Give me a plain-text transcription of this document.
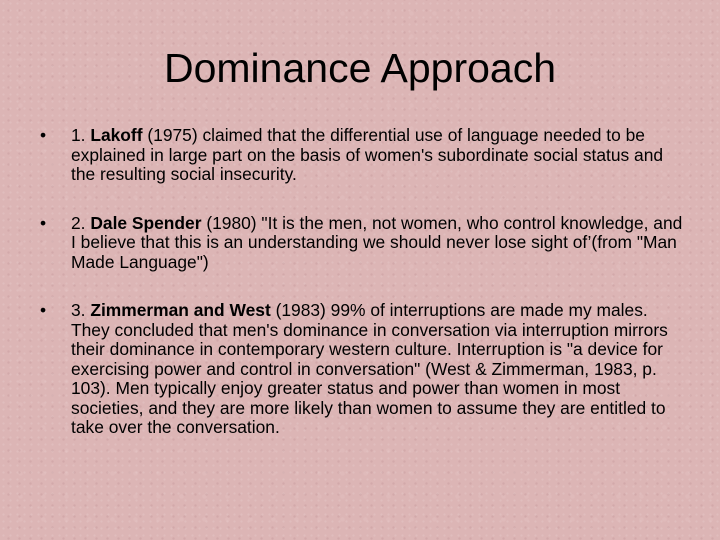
Dominance Approach
• 1. Lakoff (1975) claimed that the differential use of language needed to be explained in large part on the basis of women's subordinate social status and the resulting social insecurity.
• 2. Dale Spender (1980) "It is the men, not women, who control knowledge, and I believe that this is an understanding we should never lose sight of’(from "Man Made Language")
• 3. Zimmerman and West (1983) 99% of interruptions are made my males. They concluded that men's dominance in conversation via interruption mirrors their dominance in contemporary western culture. Interruption is "a device for exercising power and control in conversation" (West & Zimmerman, 1983, p. 103). Men typically enjoy greater status and power than women in most societies, and they are more likely than women to assume they are entitled to take over the conversation.
